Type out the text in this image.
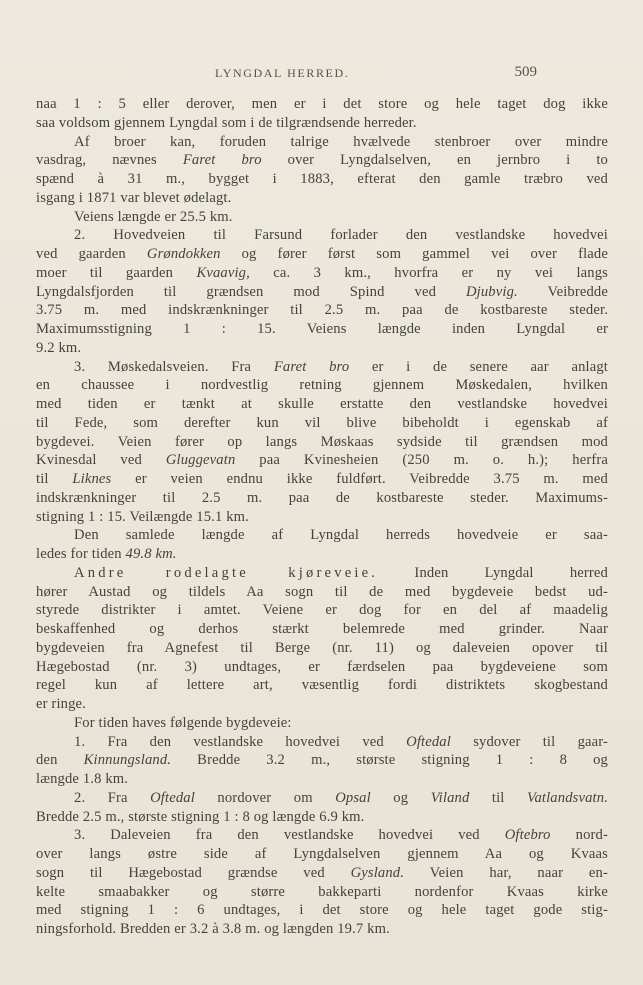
LYNGDAL HERRED.	509
naa 1 : 5 eller derover, men er i det store og hele taget dog ikke
saa voldsom gjennem Lyngdal som i de tilgrændsende herreder.
Af broer kan, foruden talrige hvælvede stenbroer over mindre
vasdrag, nævnes Faret bro over Lyngdalselven, en jernbro i to
spænd à 31 m., bygget i 1883, efterat den gamle træbro ved
isgang i 1871 var blevet ødelagt.
Veiens længde er 25.5 km.
2. Hovedveien til Farsund forlader den vestlandske hovedvei
ved gaarden Grøndokken og fører først som gammel vei over flade
moer til gaarden Kvaavig, ca. 3 km., hvorfra er ny vei langs
Lyngdalsfjorden til grændsen mod Spind ved Djubvig. Veibredde
3.75 m. med indskrænkninger til 2.5 m. paa de kostbareste steder.
Maximumsstigning 1 : 15. Veiens længde inden Lyngdal er
9.2 km.
3. Møskedalsveien. Fra Faret bro er i de senere aar anlagt
en chaussee i nordvestlig retning gjennem Møskedalen, hvilken
med tiden er tænkt at skulle erstatte den vestlandske hovedvei
til Fede, som derefter kun vil blive bibeholdt i egenskab af
bygdevei. Veien fører op langs Møskaas sydside til grændsen mod
Kvinesdal ved Gluggevatn paa Kvinesheien (250 m. o. h.); herfra
til Liknes er veien endnu ikke fuldført. Veibredde 3.75 m. med
indskrænkninger til 2.5 m. paa de kostbareste steder. Maximums-
stigning 1 : 15. Veilængde 15.1 km.
Den samlede længde af Lyngdal herreds hovedveie er saa-
ledes for tiden 49.8 km.
Andre rodelagte kjøreveie. Inden Lyngdal herred
hører Austad og tildels Aa sogn til de med bygdeveie bedst ud-
styrede distrikter i amtet. Veiene er dog for en del af maadelig
beskaffenhed og derhos stærkt belemrede med grinder. Naar
bygdeveien fra Agnefest til Berge (nr. 11) og daleveien opover til
Hægebostad (nr. 3) undtages, er færdselen paa bygdeveiene som
regel kun af lettere art, væsentlig fordi distriktets skogbestand
er ringe.
For tiden haves følgende bygdeveie:
1. Fra den vestlandske hovedvei ved Oftedal sydover til gaar-
den Kinnungsland. Bredde 3.2 m., største stigning 1 : 8 og
længde 1.8 km.
2. Fra Oftedal nordover om Opsal og Viland til Vatlandsvatn.
Bredde 2.5 m., største stigning 1 : 8 og længde 6.9 km.
3. Daleveien fra den vestlandske hovedvei ved Oftebro nord-
over langs østre side af Lyngdalselven gjennem Aa og Kvaas
sogn til Hægebostad grændse ved Gysland. Veien har, naar en-
kelte smaabakker og større bakkeparti nordenfor Kvaas kirke
med stigning 1 : 6 undtages, i det store og hele taget gode stig-
ningsforhold. Bredden er 3.2 à 3.8 m. og længden 19.7 km.
